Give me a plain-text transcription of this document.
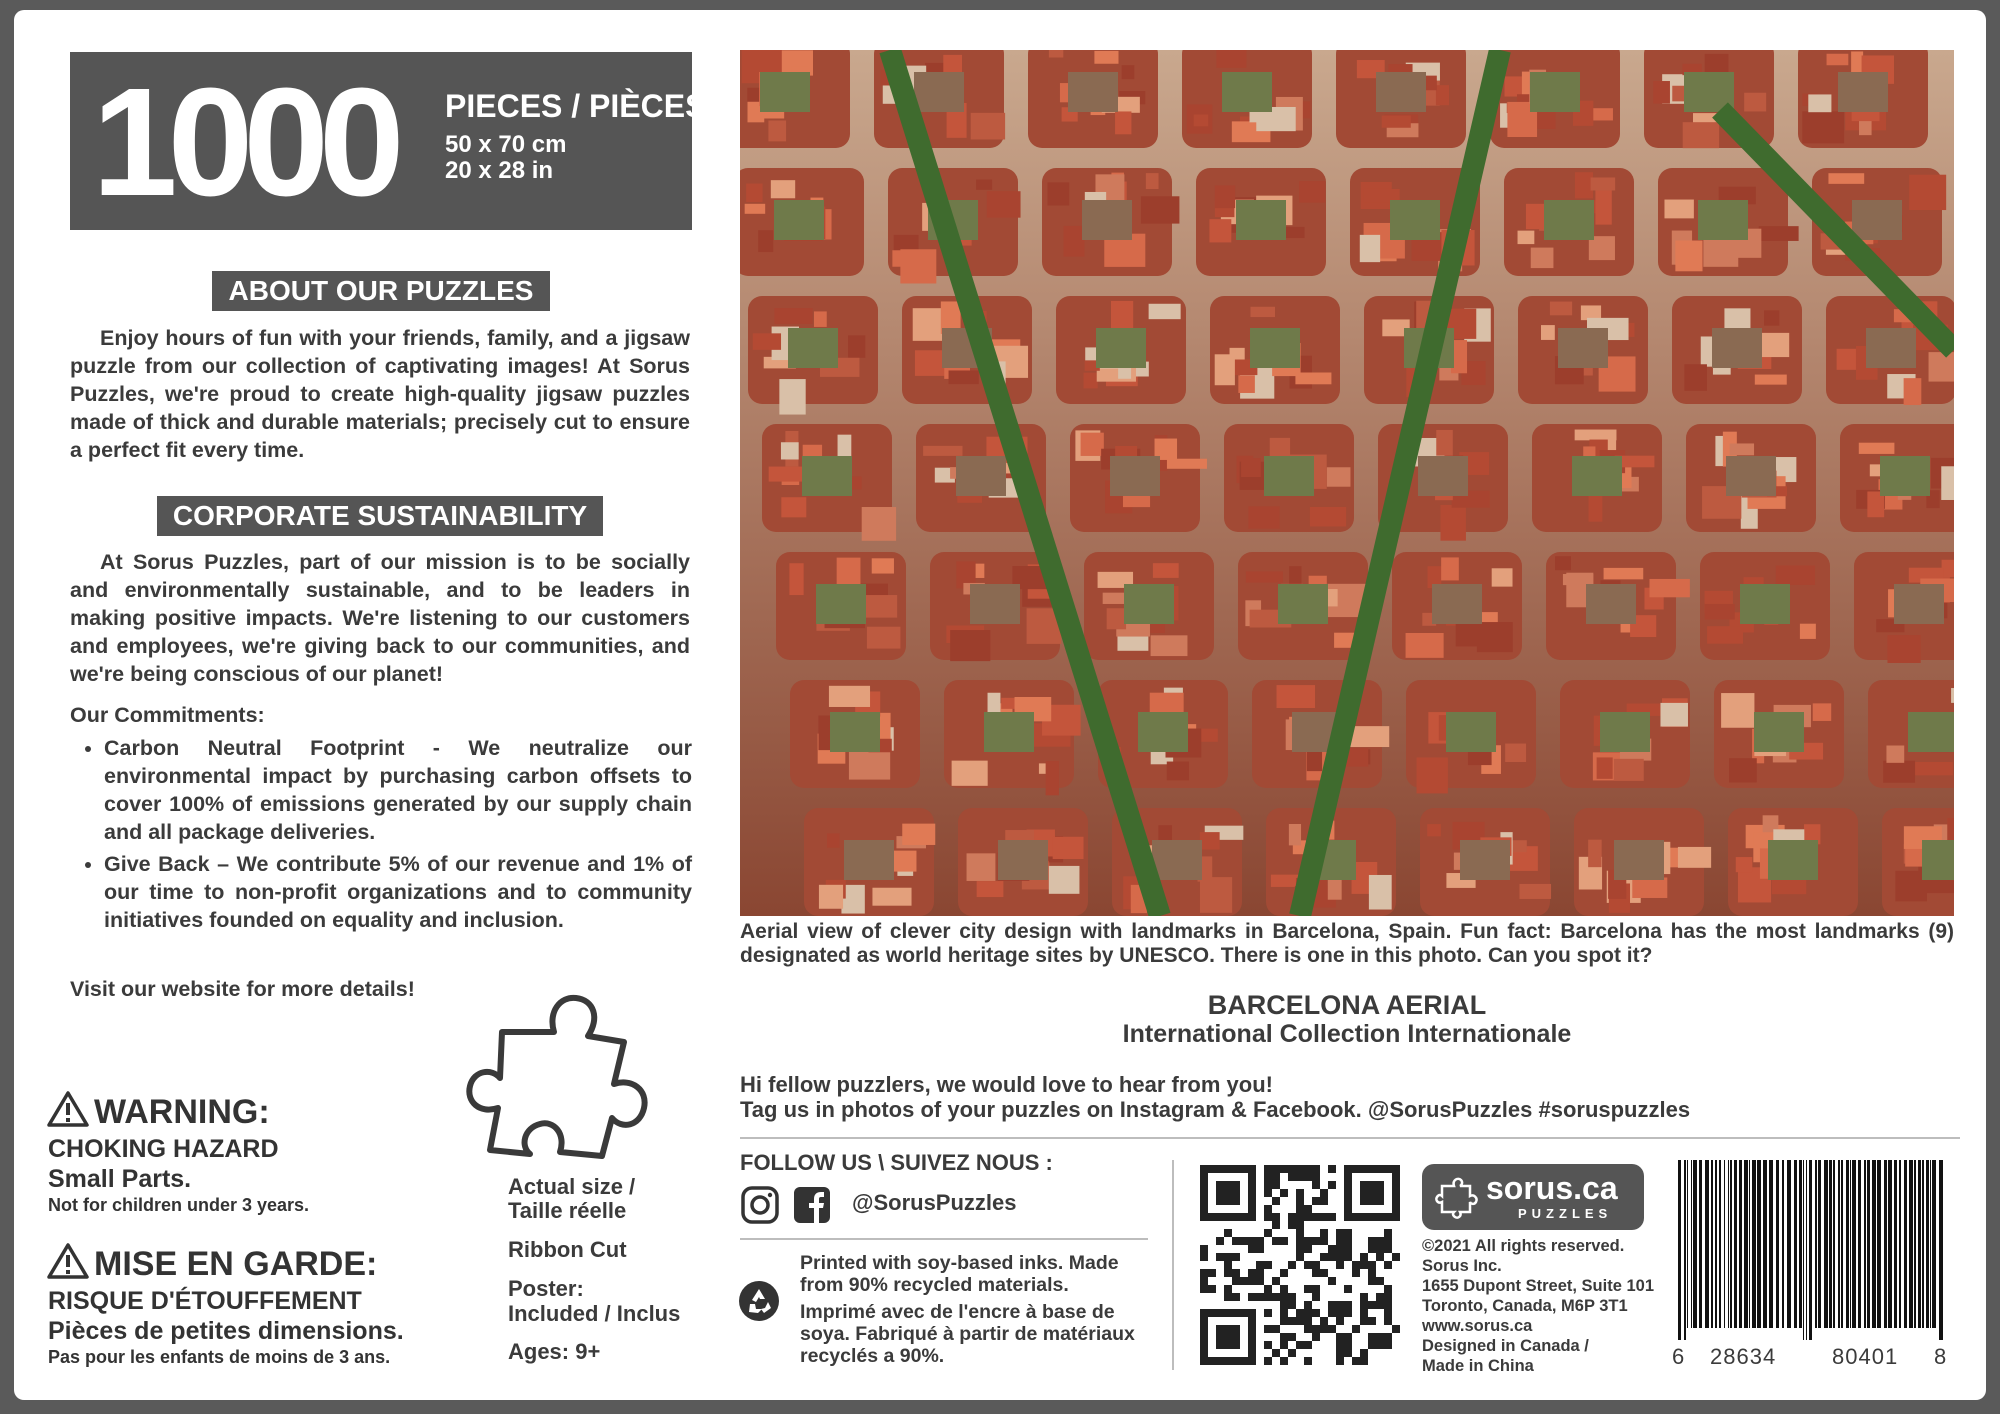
1000 PIECES / PIÈCES
50 x 70 cm
20 x 28 in
ABOUT OUR PUZZLES
Enjoy hours of fun with your friends, family, and a jigsaw puzzle from our collection of captivating images! At Sorus Puzzles, we're proud to create high-quality jigsaw puzzles made of thick and durable materials; precisely cut to ensure a perfect fit every time.
CORPORATE SUSTAINABILITY
At Sorus Puzzles, part of our mission is to be socially and environmentally sustainable, and to be leaders in making positive impacts. We're listening to our customers and employees, we're giving back to our communities, and we're being conscious of our planet!
Our Commitments:
• Carbon Neutral Footprint - We neutralize our environmental impact by purchasing carbon offsets to cover 100% of emissions generated by our supply chain and all package deliveries.
• Give Back – We contribute 5% of our revenue and 1% of our time to non-profit organizations and to community initiatives founded on equality and inclusion.
Visit our website for more details!
WARNING:
CHOKING HAZARD
Small Parts.
Not for children under 3 years.
MISE EN GARDE:
RISQUE D'ÉTOUFFEMENT
Pièces de petites dimensions.
Pas pour les enfants de moins de 3 ans.
Actual size /
Taille réelle
Ribbon Cut
Poster:
Included / Inclus
Ages: 9+
Aerial view of clever city design with landmarks in Barcelona, Spain. Fun fact: Barcelona has the most landmarks (9) designated as world heritage sites by UNESCO. There is one in this photo. Can you spot it?
BARCELONA AERIAL
International Collection Internationale
Hi fellow puzzlers, we would love to hear from you!
Tag us in photos of your puzzles on Instagram & Facebook. @SorusPuzzles #soruspuzzles
FOLLOW US \ SUIVEZ NOUS :
@SorusPuzzles
Printed with soy-based inks. Made from 90% recycled materials.
Imprimé avec de l'encre à base de soya. Fabriqué à partir de matériaux recyclés a 90%.
sorus.ca
PUZZLES
©2021 All rights reserved.
Sorus Inc.
1655 Dupont Street, Suite 101
Toronto, Canada, M6P 3T1
www.sorus.ca
Designed in Canada /
Made in China	6 28634	80401 8
